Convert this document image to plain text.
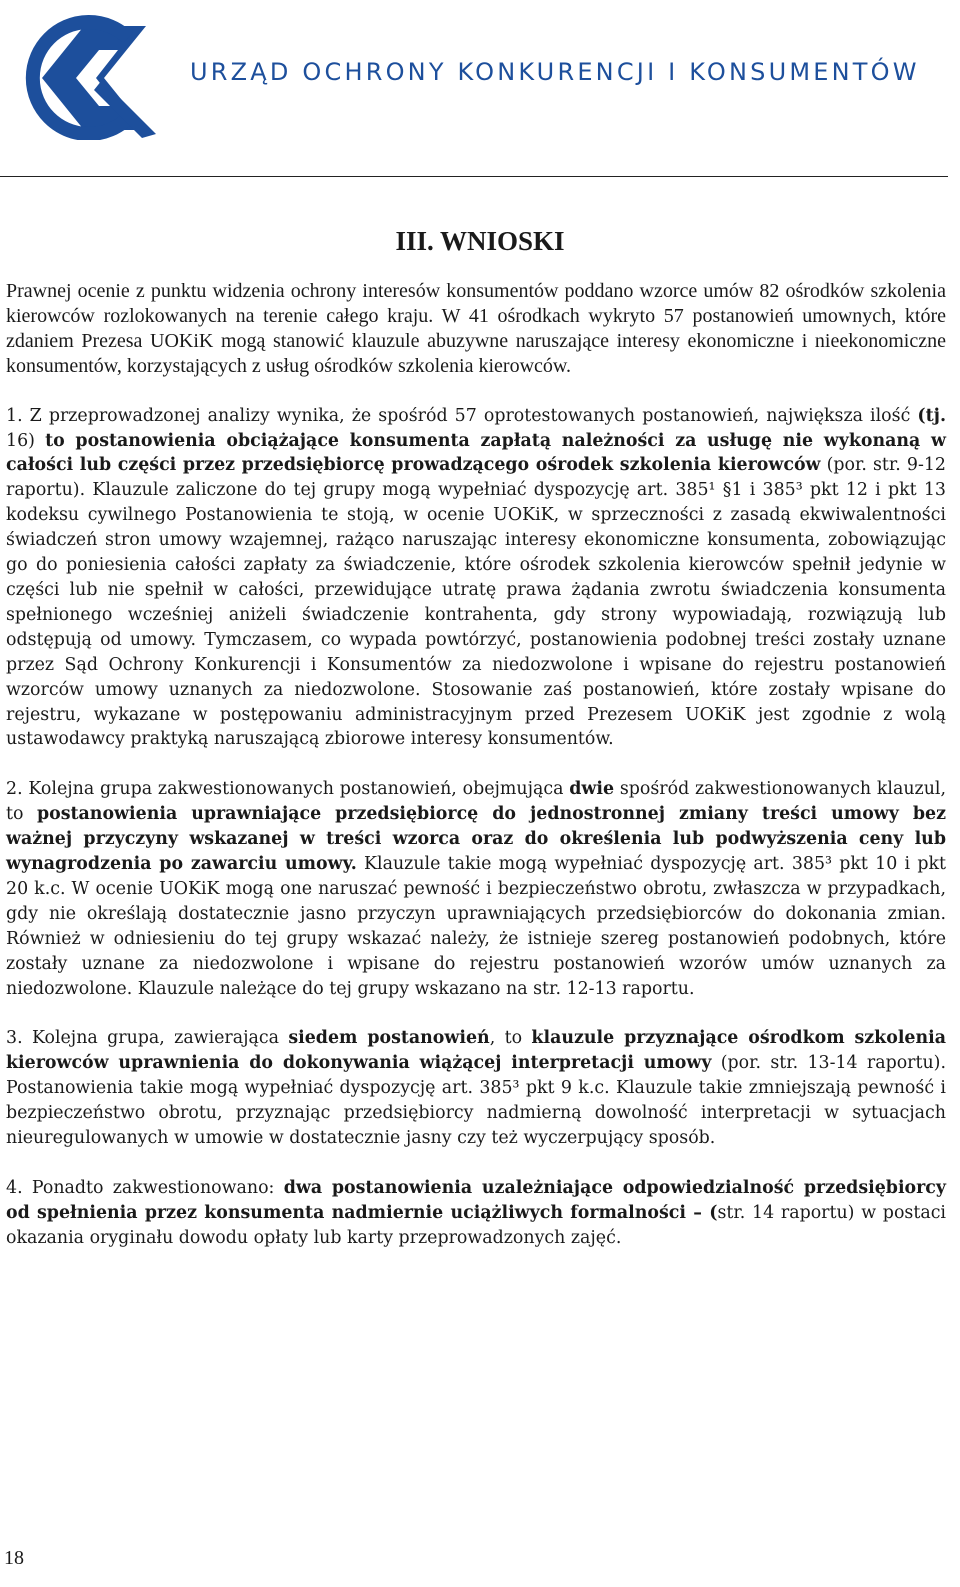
URZĄD OCHRONY KONKURENCJI I KONSUMENTÓW
III. WNIOSKI

Prawnej ocenie z punktu widzenia ochrony interesów konsumentów poddano wzorce umów 82 ośrodków szkolenia kierowców rozlokowanych na terenie całego kraju. W 41 ośrodkach wykryto 57 postanowień umownych, które zdaniem Prezesa UOKiK mogą stanowić klauzule abuzywne naruszające interesy ekonomiczne i nieekonomiczne konsumentów, korzystających z usług ośrodków szkolenia kierowców.

1. Z przeprowadzonej analizy wynika, że spośród 57 oprotestowanych postanowień, największa ilość (tj. 16) to postanowienia obciążające konsumenta zapłatą należności za usługę nie wykonaną w całości lub części przez przedsiębiorcę prowadzącego ośrodek szkolenia kierowców (por. str. 9-12 raportu). Klauzule zaliczone do tej grupy mogą wypełniać dyspozycję art. 385¹ §1 i 385³ pkt 12 i pkt 13 kodeksu cywilnego Postanowienia te stoją, w ocenie UOKiK, w sprzeczności z zasadą ekwiwalentności świadczeń stron umowy wzajemnej, rażąco naruszając interesy ekonomiczne konsumenta, zobowiązując go do poniesienia całości zapłaty za świadczenie, które ośrodek szkolenia kierowców spełnił jedynie w części lub nie spełnił w całości, przewidujące utratę prawa żądania zwrotu świadczenia konsumenta spełnionego wcześniej aniżeli świadczenie kontrahenta, gdy strony wypowiadają, rozwiązują lub odstępują od umowy. Tymczasem, co wypada powtórzyć, postanowienia podobnej treści zostały uznane przez Sąd Ochrony Konkurencji i Konsumentów za niedozwolone i wpisane do rejestru postanowień wzorców umowy uznanych za niedozwolone. Stosowanie zaś postanowień, które zostały wpisane do rejestru, wykazane w postępowaniu administracyjnym przed Prezesem UOKiK jest zgodnie z wolą ustawodawcy praktyką naruszającą zbiorowe interesy konsumentów.

2. Kolejna grupa zakwestionowanych postanowień, obejmująca dwie spośród zakwestionowanych klauzul, to postanowienia uprawniające przedsiębiorcę do jednostronnej zmiany treści umowy bez ważnej przyczyny wskazanej w treści wzorca oraz do określenia lub podwyższenia ceny lub wynagrodzenia po zawarciu umowy. Klauzule takie mogą wypełniać dyspozycję art. 385³ pkt 10 i pkt 20 k.c. W ocenie UOKiK mogą one naruszać pewność i bezpieczeństwo obrotu, zwłaszcza w przypadkach, gdy nie określają dostatecznie jasno przyczyn uprawniających przedsiębiorców do dokonania zmian. Również w odniesieniu do tej grupy wskazać należy, że istnieje szereg postanowień podobnych, które zostały uznane za niedozwolone i wpisane do rejestru postanowień wzorów umów uznanych za niedozwolone. Klauzule należące do tej grupy wskazano na str. 12-13 raportu.

3. Kolejna grupa, zawierająca siedem postanowień, to klauzule przyznające ośrodkom szkolenia kierowców uprawnienia do dokonywania wiążącej interpretacji umowy (por. str. 13-14 raportu). Postanowienia takie mogą wypełniać dyspozycję art. 385³ pkt 9 k.c. Klauzule takie zmniejszają pewność i bezpieczeństwo obrotu, przyznając przedsiębiorcy nadmierną dowolność interpretacji w sytuacjach nieuregulowanych w umowie w dostatecznie jasny czy też wyczerpujący sposób.

4. Ponadto zakwestionowano: dwa postanowienia uzależniające odpowiedzialność przedsiębiorcy od spełnienia przez konsumenta nadmiernie uciążliwych formalności – (str. 14 raportu) w postaci okazania oryginału dowodu opłaty lub karty przeprowadzonych zajęć.

18
